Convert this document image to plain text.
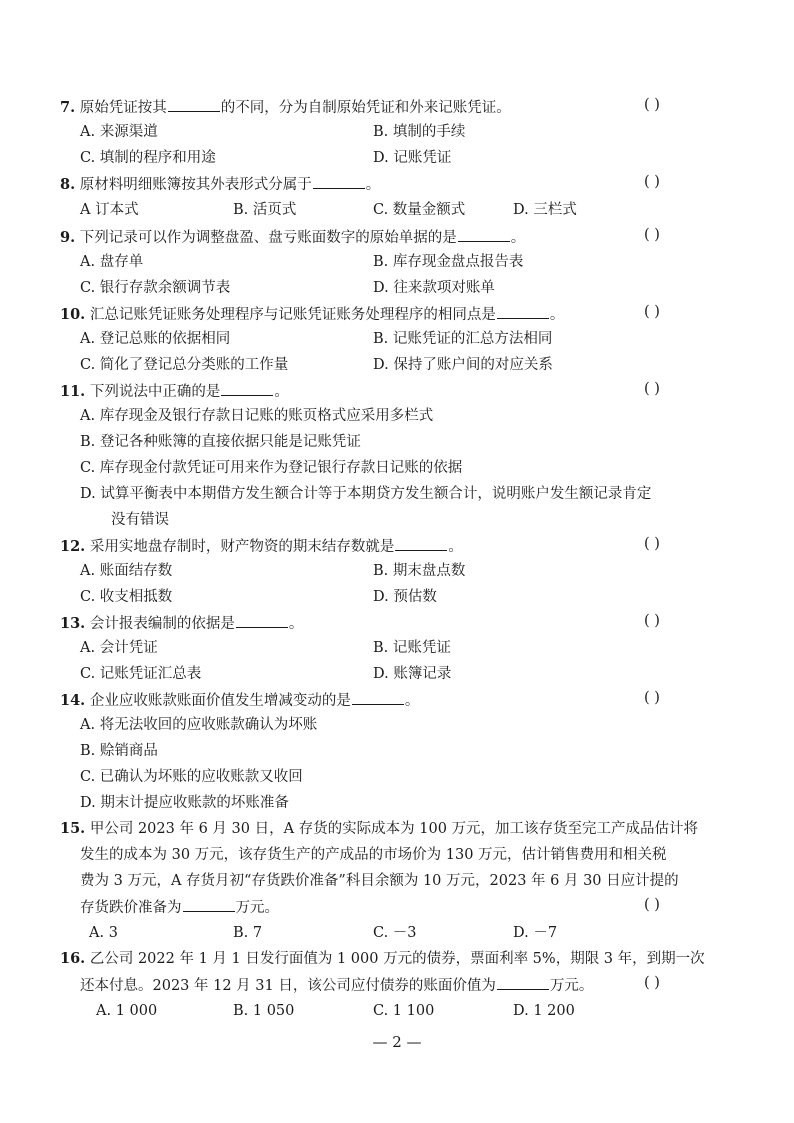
7. 原始凭证按其	的不同，分为自制原始凭证和外来记账凭证。	( )
A. 来源渠道	B. 填制的手续
C. 填制的程序和用途	D. 记账凭证
8. 原材料明细账簿按其外表形式分属于	。	( )
A 订本式	B. 活页式	C. 数量金额式	D. 三栏式
9. 下列记录可以作为调整盘盈、盘亏账面数字的原始单据的是	。	( )
A. 盘存单	B. 库存现金盘点报告表
C. 银行存款余额调节表	D. 往来款项对账单
10. 汇总记账凭证账务处理程序与记账凭证账务处理程序的相同点是	。	( )
A. 登记总账的依据相同	B. 记账凭证的汇总方法相同
C. 简化了登记总分类账的工作量	D. 保持了账户间的对应关系
11. 下列说法中正确的是	。	( )
A. 库存现金及银行存款日记账的账页格式应采用多栏式
B. 登记各种账簿的直接依据只能是记账凭证
C. 库存现金付款凭证可用来作为登记银行存款日记账的依据
D. 试算平衡表中本期借方发生额合计等于本期贷方发生额合计，说明账户发生额记录肯定
没有错误
12. 采用实地盘存制时，财产物资的期末结存数就是	。	( )
A. 账面结存数	B. 期末盘点数
C. 收支相抵数	D. 预估数
13. 会计报表编制的依据是	。	( )
A. 会计凭证	B. 记账凭证
C. 记账凭证汇总表	D. 账簿记录
14. 企业应收账款账面价值发生增减变动的是	。	( )
A. 将无法收回的应收账款确认为坏账
B. 赊销商品
C. 已确认为坏账的应收账款又收回
D. 期末计提应收账款的坏账准备
15. 甲公司 2023 年 6 月 30 日，A 存货的实际成本为 100 万元，加工该存货至完工产成品估计将
发生的成本为 30 万元，该存货生产的产成品的市场价为 130 万元，估计销售费用和相关税
费为 3 万元，A 存货月初“存货跌价准备”科目余额为 10 万元，2023 年 6 月 30 日应计提的
存货跌价准备为	万元。	( )
A. 3	B. 7	C. －3	D. －7
16. 乙公司 2022 年 1 月 1 日发行面值为 1 000 万元的债券，票面利率 5%，期限 3 年，到期一次
还本付息。2023 年 12 月 31 日，该公司应付债券的账面价值为	万元。	( )
A. 1 000	B. 1 050	C. 1 100	D. 1 200
— 2 —
